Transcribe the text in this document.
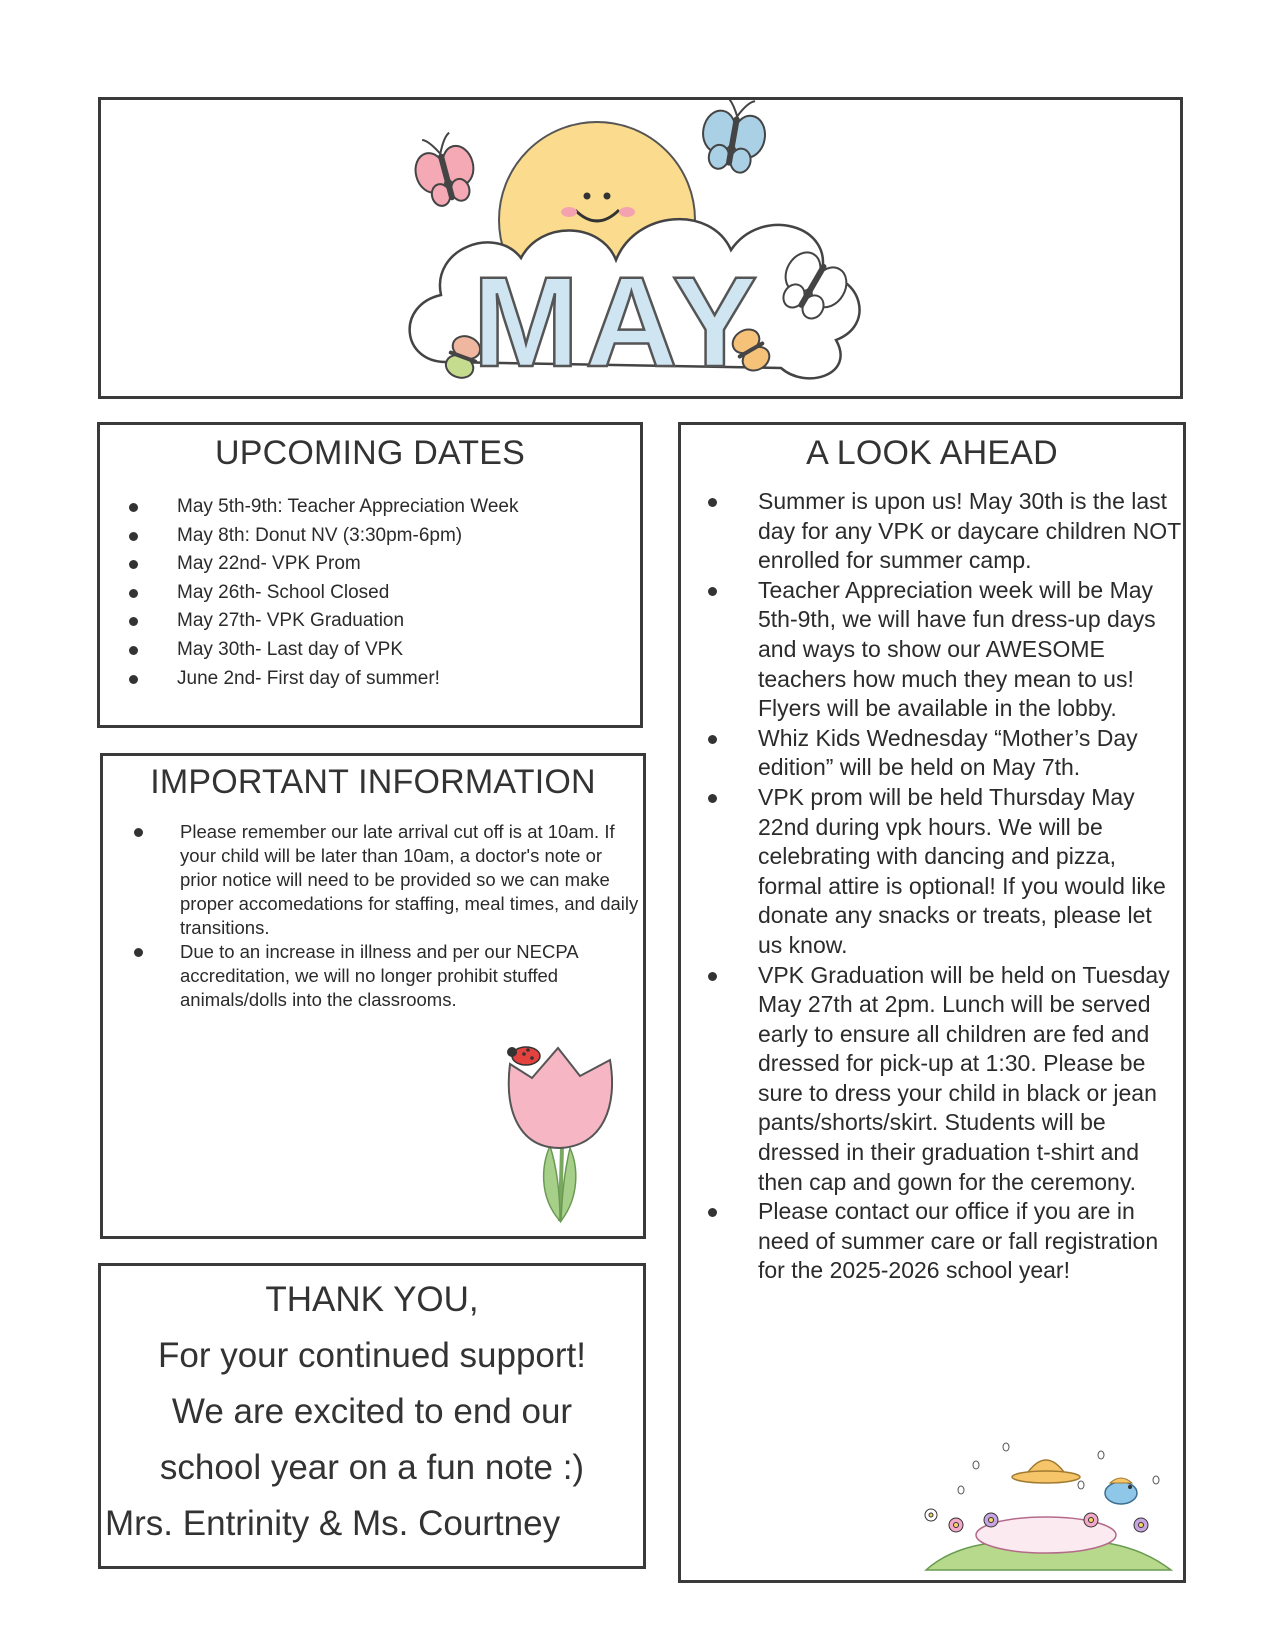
MAY
UPCOMING DATES
May 5th-9th: Teacher Appreciation Week
May 8th: Donut NV (3:30pm-6pm)
May 22nd- VPK Prom
May 26th- School Closed
May 27th- VPK Graduation
May 30th- Last day of VPK
June 2nd- First day of summer!
IMPORTANT INFORMATION
Please remember our late arrival cut off is at 10am. If your child will be later than 10am, a doctor's note or prior notice will need to be provided so we can make proper accomedations for staffing, meal times, and daily transitions.
Due to an increase in illness and per our NECPA accreditation, we will no longer prohibit stuffed animals/dolls into the classrooms.

THANK YOU,

For your continued support!

We are excited to end our

school year on a fun note :)

Mrs. Entrinity & Ms. Courtney

A LOOK AHEAD
Summer is upon us! May 30th is the last day for any VPK or daycare children NOT enrolled for summer camp.
Teacher Appreciation week will be May 5th-9th, we will have fun dress-up days and ways to show our AWESOME teachers how much they mean to us! Flyers will be available in the lobby.
Whiz Kids Wednesday “Mother’s Day edition” will be held on May 7th.
VPK prom will be held Thursday May 22nd during vpk hours. We will be celebrating with dancing and pizza, formal attire is optional! If you would like donate any snacks or treats, please let us know.
VPK Graduation will be held on Tuesday May 27th at 2pm. Lunch will be served early to ensure all children are fed and dressed for pick-up at 1:30. Please be sure to dress your child in black or jean pants/shorts/skirt. Students will be dressed in their graduation t-shirt and then cap and gown for the ceremony.
Please contact our office if you are in need of summer care or fall registration for the 2025-2026 school year!
